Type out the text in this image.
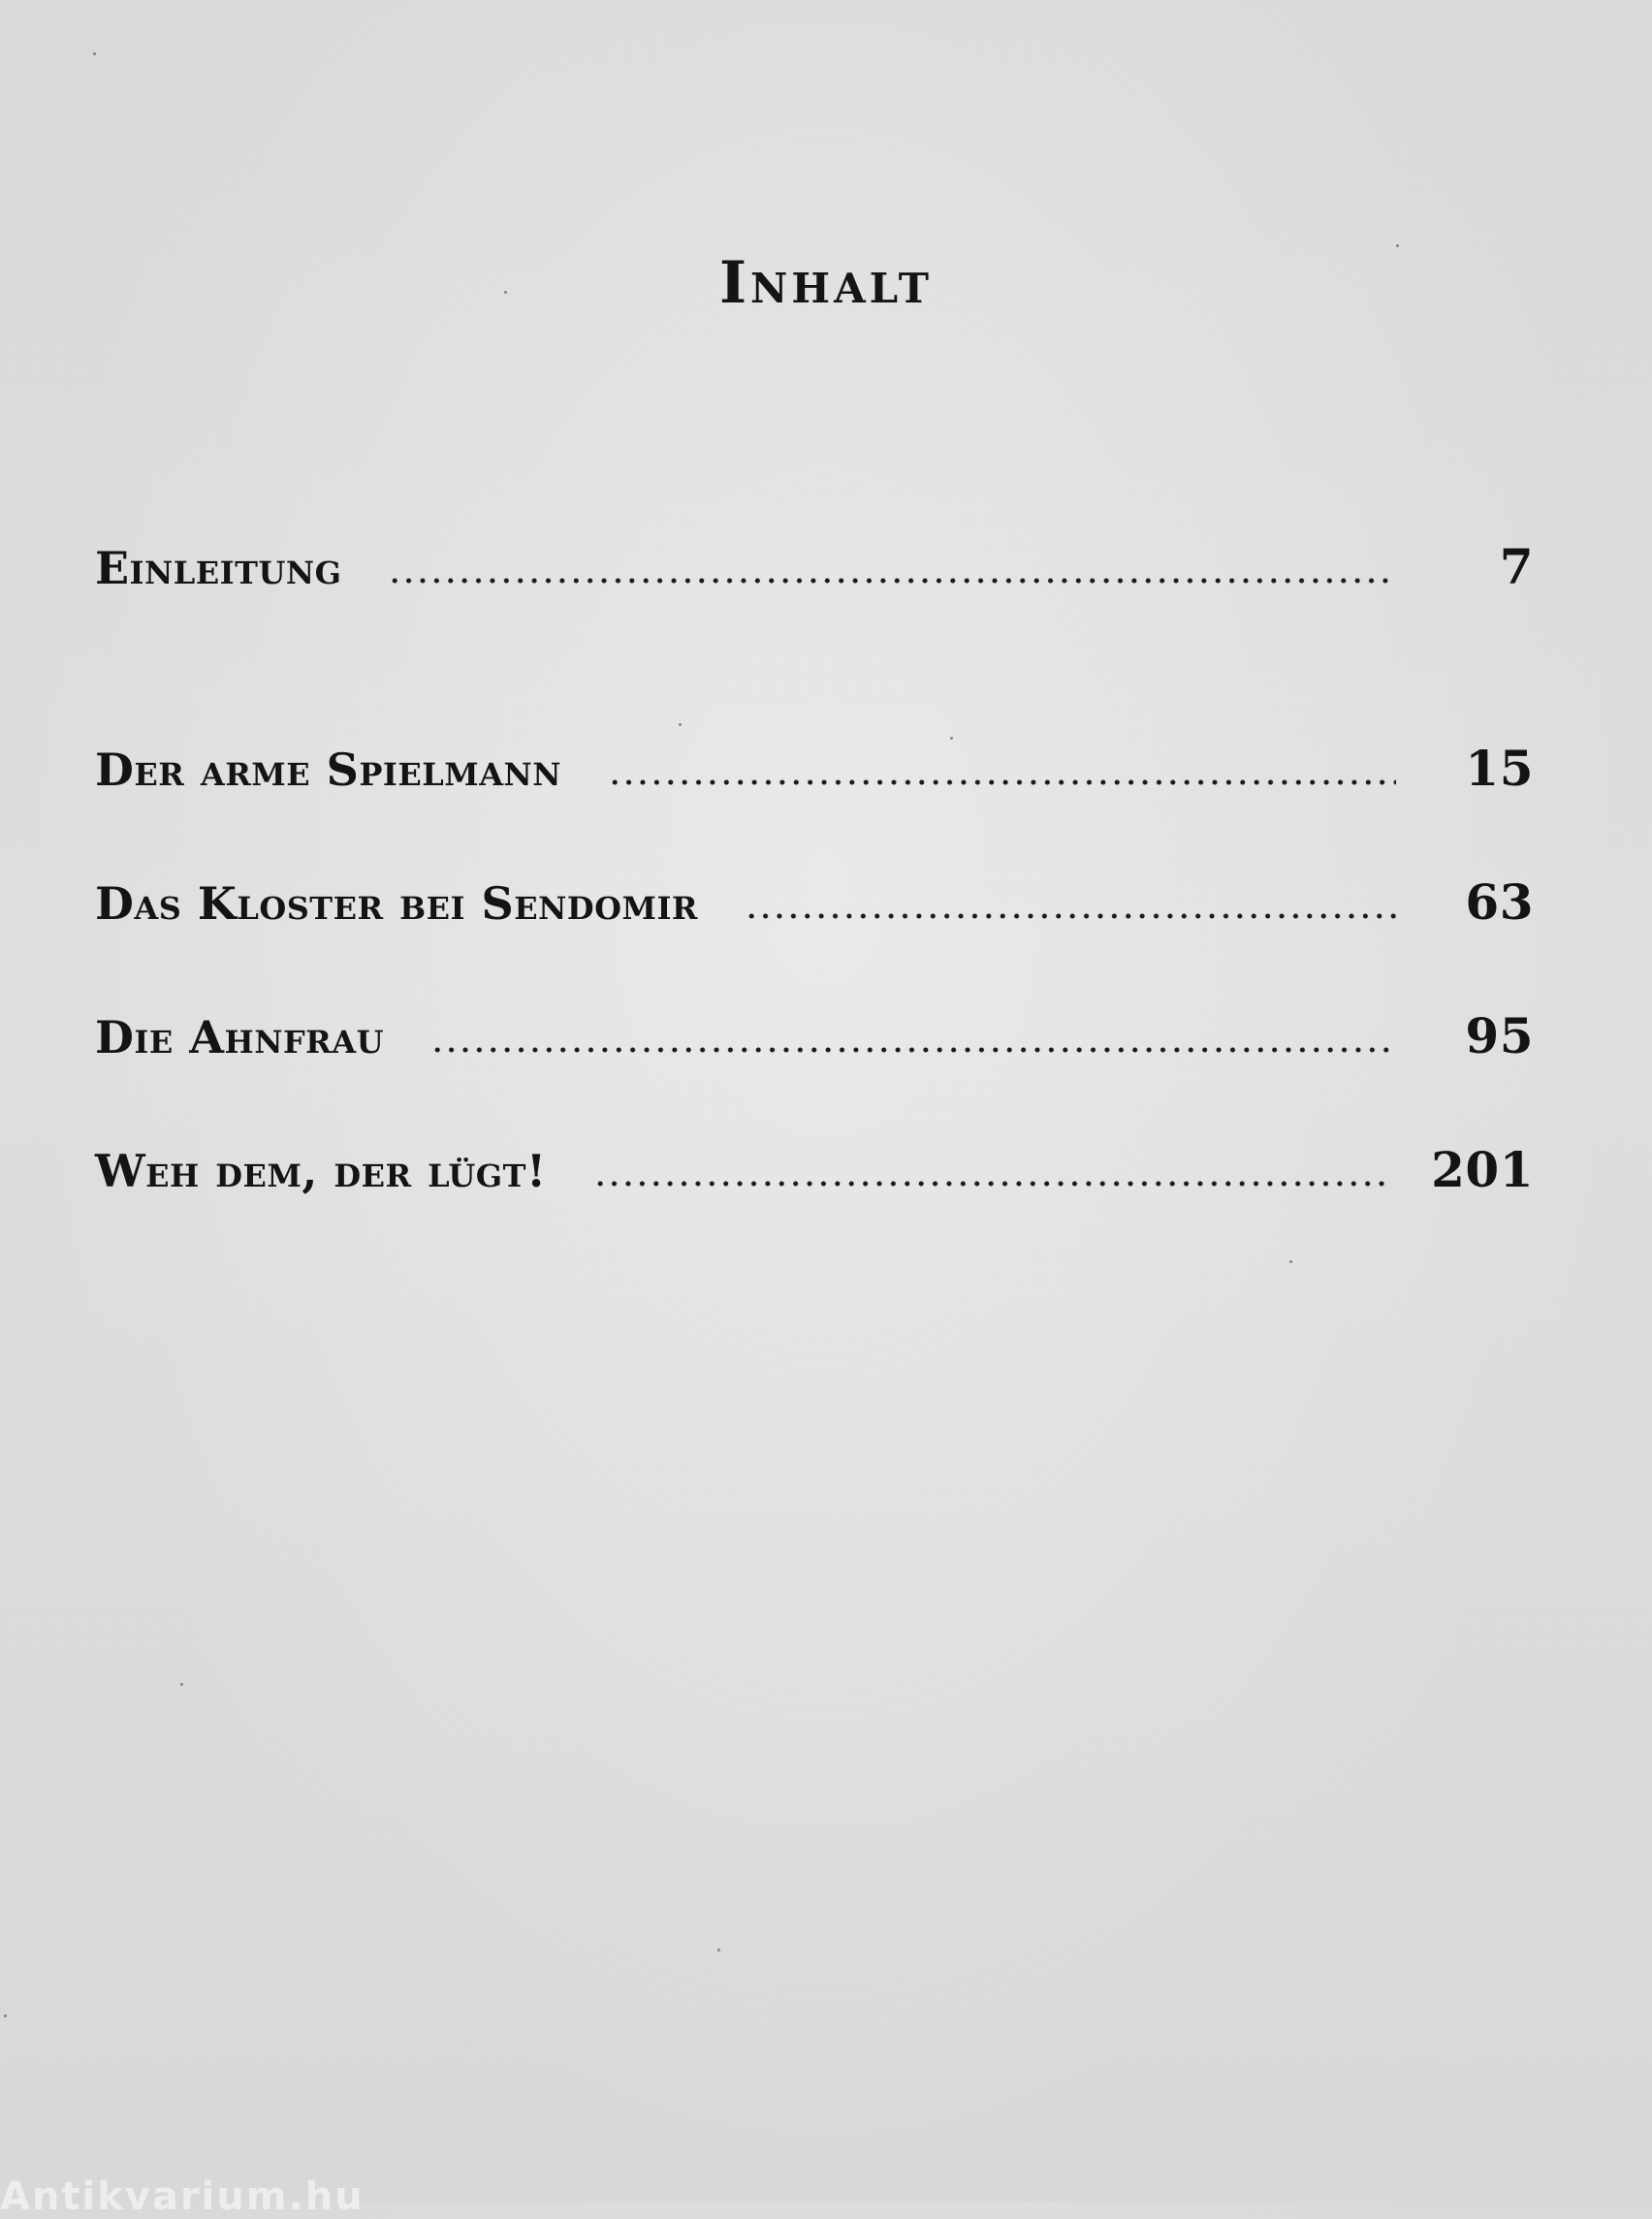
Inhalt
Einleitung	7
Der arme Spielmann	15
Das Kloster bei Sendomir	63
Die Ahnfrau	95
Weh dem, der lügt!	201
Antikvarium.hu
